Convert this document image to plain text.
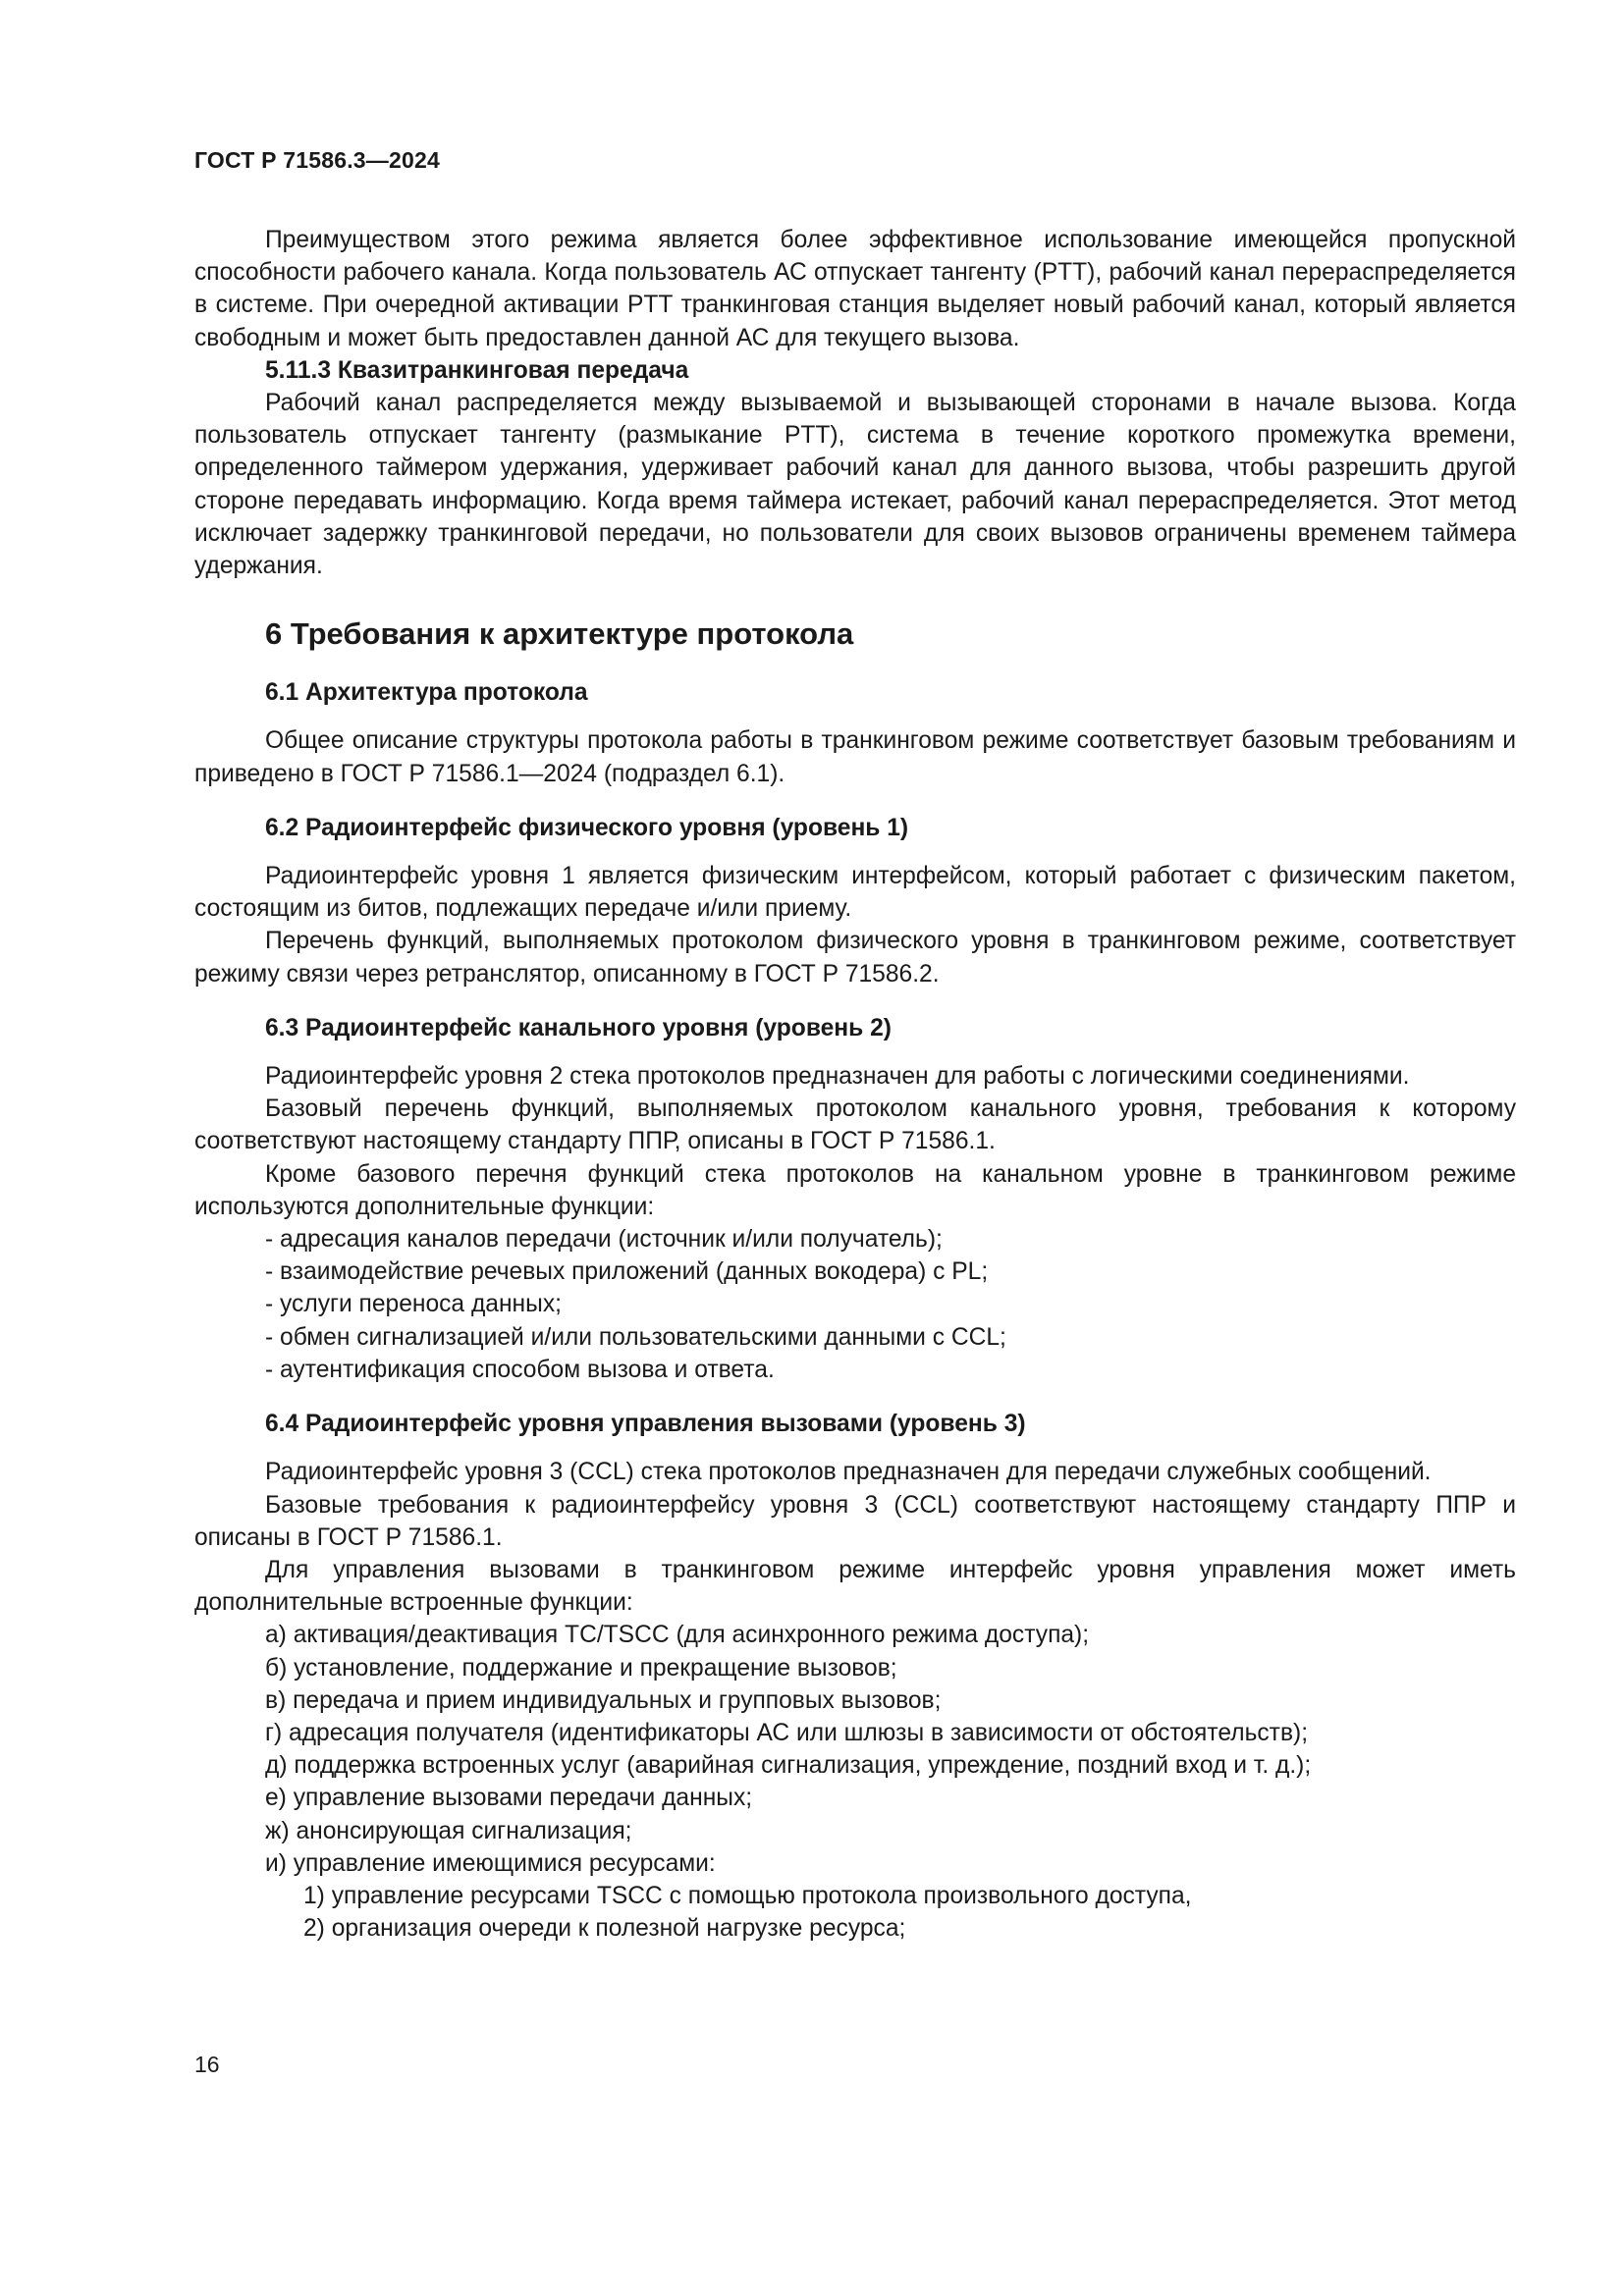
ГОСТ Р 71586.3—2024

Преимуществом этого режима является более эффективное использование имеющейся пропускной способности рабочего канала. Когда пользователь АС отпускает тангенту (PTT), рабочий канал перераспределяется в системе. При очередной активации PTT транкинговая станция выделяет новый рабочий канал, который является свободным и может быть предоставлен данной АС для текущего вызова.

5.11.3 Квазитранкинговая передача

Рабочий канал распределяется между вызываемой и вызывающей сторонами в начале вызова. Когда пользователь отпускает тангенту (размыкание PTT), система в течение короткого промежутка времени, определенного таймером удержания, удерживает рабочий канал для данного вызова, чтобы разрешить другой стороне передавать информацию. Когда время таймера истекает, рабочий канал перераспределяется. Этот метод исключает задержку транкинговой передачи, но пользователи для своих вызовов ограничены временем таймера удержания.

6 Требования к архитектуре протокола

6.1 Архитектура протокола

Общее описание структуры протокола работы в транкинговом режиме соответствует базовым требованиям и приведено в ГОСТ Р 71586.1—2024 (подраздел 6.1).

6.2 Радиоинтерфейс физического уровня (уровень 1)

Радиоинтерфейс уровня 1 является физическим интерфейсом, который работает с физическим пакетом, состоящим из битов, подлежащих передаче и/или приему.

Перечень функций, выполняемых протоколом физического уровня в транкинговом режиме, соответствует режиму связи через ретранслятор, описанному в ГОСТ Р 71586.2.

6.3 Радиоинтерфейс канального уровня (уровень 2)

Радиоинтерфейс уровня 2 стека протоколов предназначен для работы с логическими соединениями.

Базовый перечень функций, выполняемых протоколом канального уровня, требования к которому соответствуют настоящему стандарту ППР, описаны в ГОСТ Р 71586.1.

Кроме базового перечня функций стека протоколов на канальном уровне в транкинговом режиме используются дополнительные функции:

- адресация каналов передачи (источник и/или получатель);

- взаимодействие речевых приложений (данных вокодера) с PL;

- услуги переноса данных;

- обмен сигнализацией и/или пользовательскими данными с CCL;

- аутентификация способом вызова и ответа.

6.4 Радиоинтерфейс уровня управления вызовами (уровень 3)

Радиоинтерфейс уровня 3 (CCL) стека протоколов предназначен для передачи служебных сообщений.

Базовые требования к радиоинтерфейсу уровня 3 (CCL) соответствуют настоящему стандарту ППР и описаны в ГОСТ Р 71586.1.

Для управления вызовами в транкинговом режиме интерфейс уровня управления может иметь дополнительные встроенные функции:

а) активация/деактивация TC/TSCC (для асинхронного режима доступа);

б) установление, поддержание и прекращение вызовов;

в) передача и прием индивидуальных и групповых вызовов;

г) адресация получателя (идентификаторы АС или шлюзы в зависимости от обстоятельств);

д) поддержка встроенных услуг (аварийная сигнализация, упреждение, поздний вход и т. д.);

е) управление вызовами передачи данных;

ж) анонсирующая сигнализация;

и) управление имеющимися ресурсами:

1) управление ресурсами TSCC с помощью протокола произвольного доступа,

2) организация очереди к полезной нагрузке ресурса;

16
